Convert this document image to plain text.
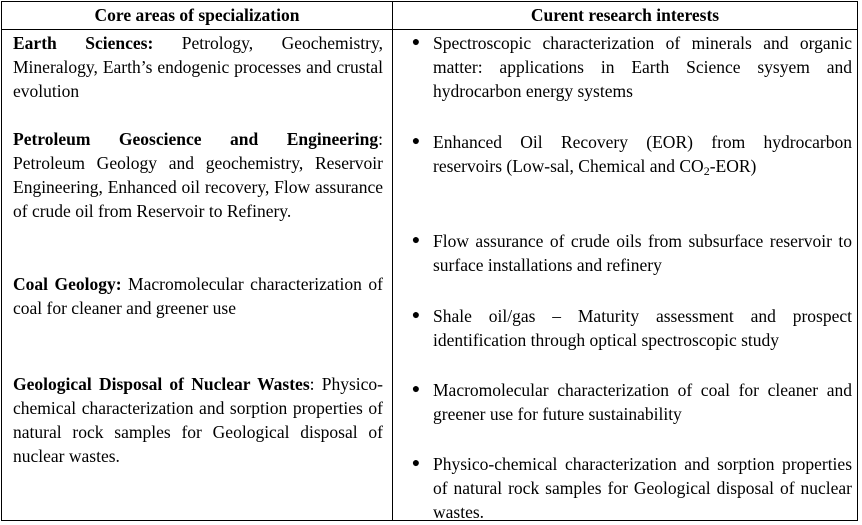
Core areas of specialization	Curent research interests
Earth Sciences: Petrology, Geochemistry, Mineralogy, Earth’s endogenic processes and crustal evolution
Petroleum Geoscience and Engineering: Petroleum Geology and geochemistry, Reservoir Engineering, Enhanced oil recovery, Flow assurance of crude oil from Reservoir to Refinery.
Coal Geology: Macromolecular characterization of coal for cleaner and greener use
Geological Disposal of Nuclear Wastes: Physico-chemical characterization and sorption properties of natural rock samples for Geological disposal of nuclear wastes.
● Spectroscopic characterization of minerals and organic matter: applications in Earth Science sysyem and hydrocarbon energy systems
● Enhanced Oil Recovery (EOR) from hydrocarbon reservoirs (Low-sal, Chemical and $CO_2-EOR$)
● Flow assurance of crude oils from subsurface reservoir to surface installations and refinery
● Shale oil/gas – Maturity assessment and prospect identification through optical spectroscopic study
● Macromolecular characterization of coal for cleaner and greener use for future sustainability
● Physico-chemical characterization and sorption properties of natural rock samples for Geological disposal of nuclear wastes.
